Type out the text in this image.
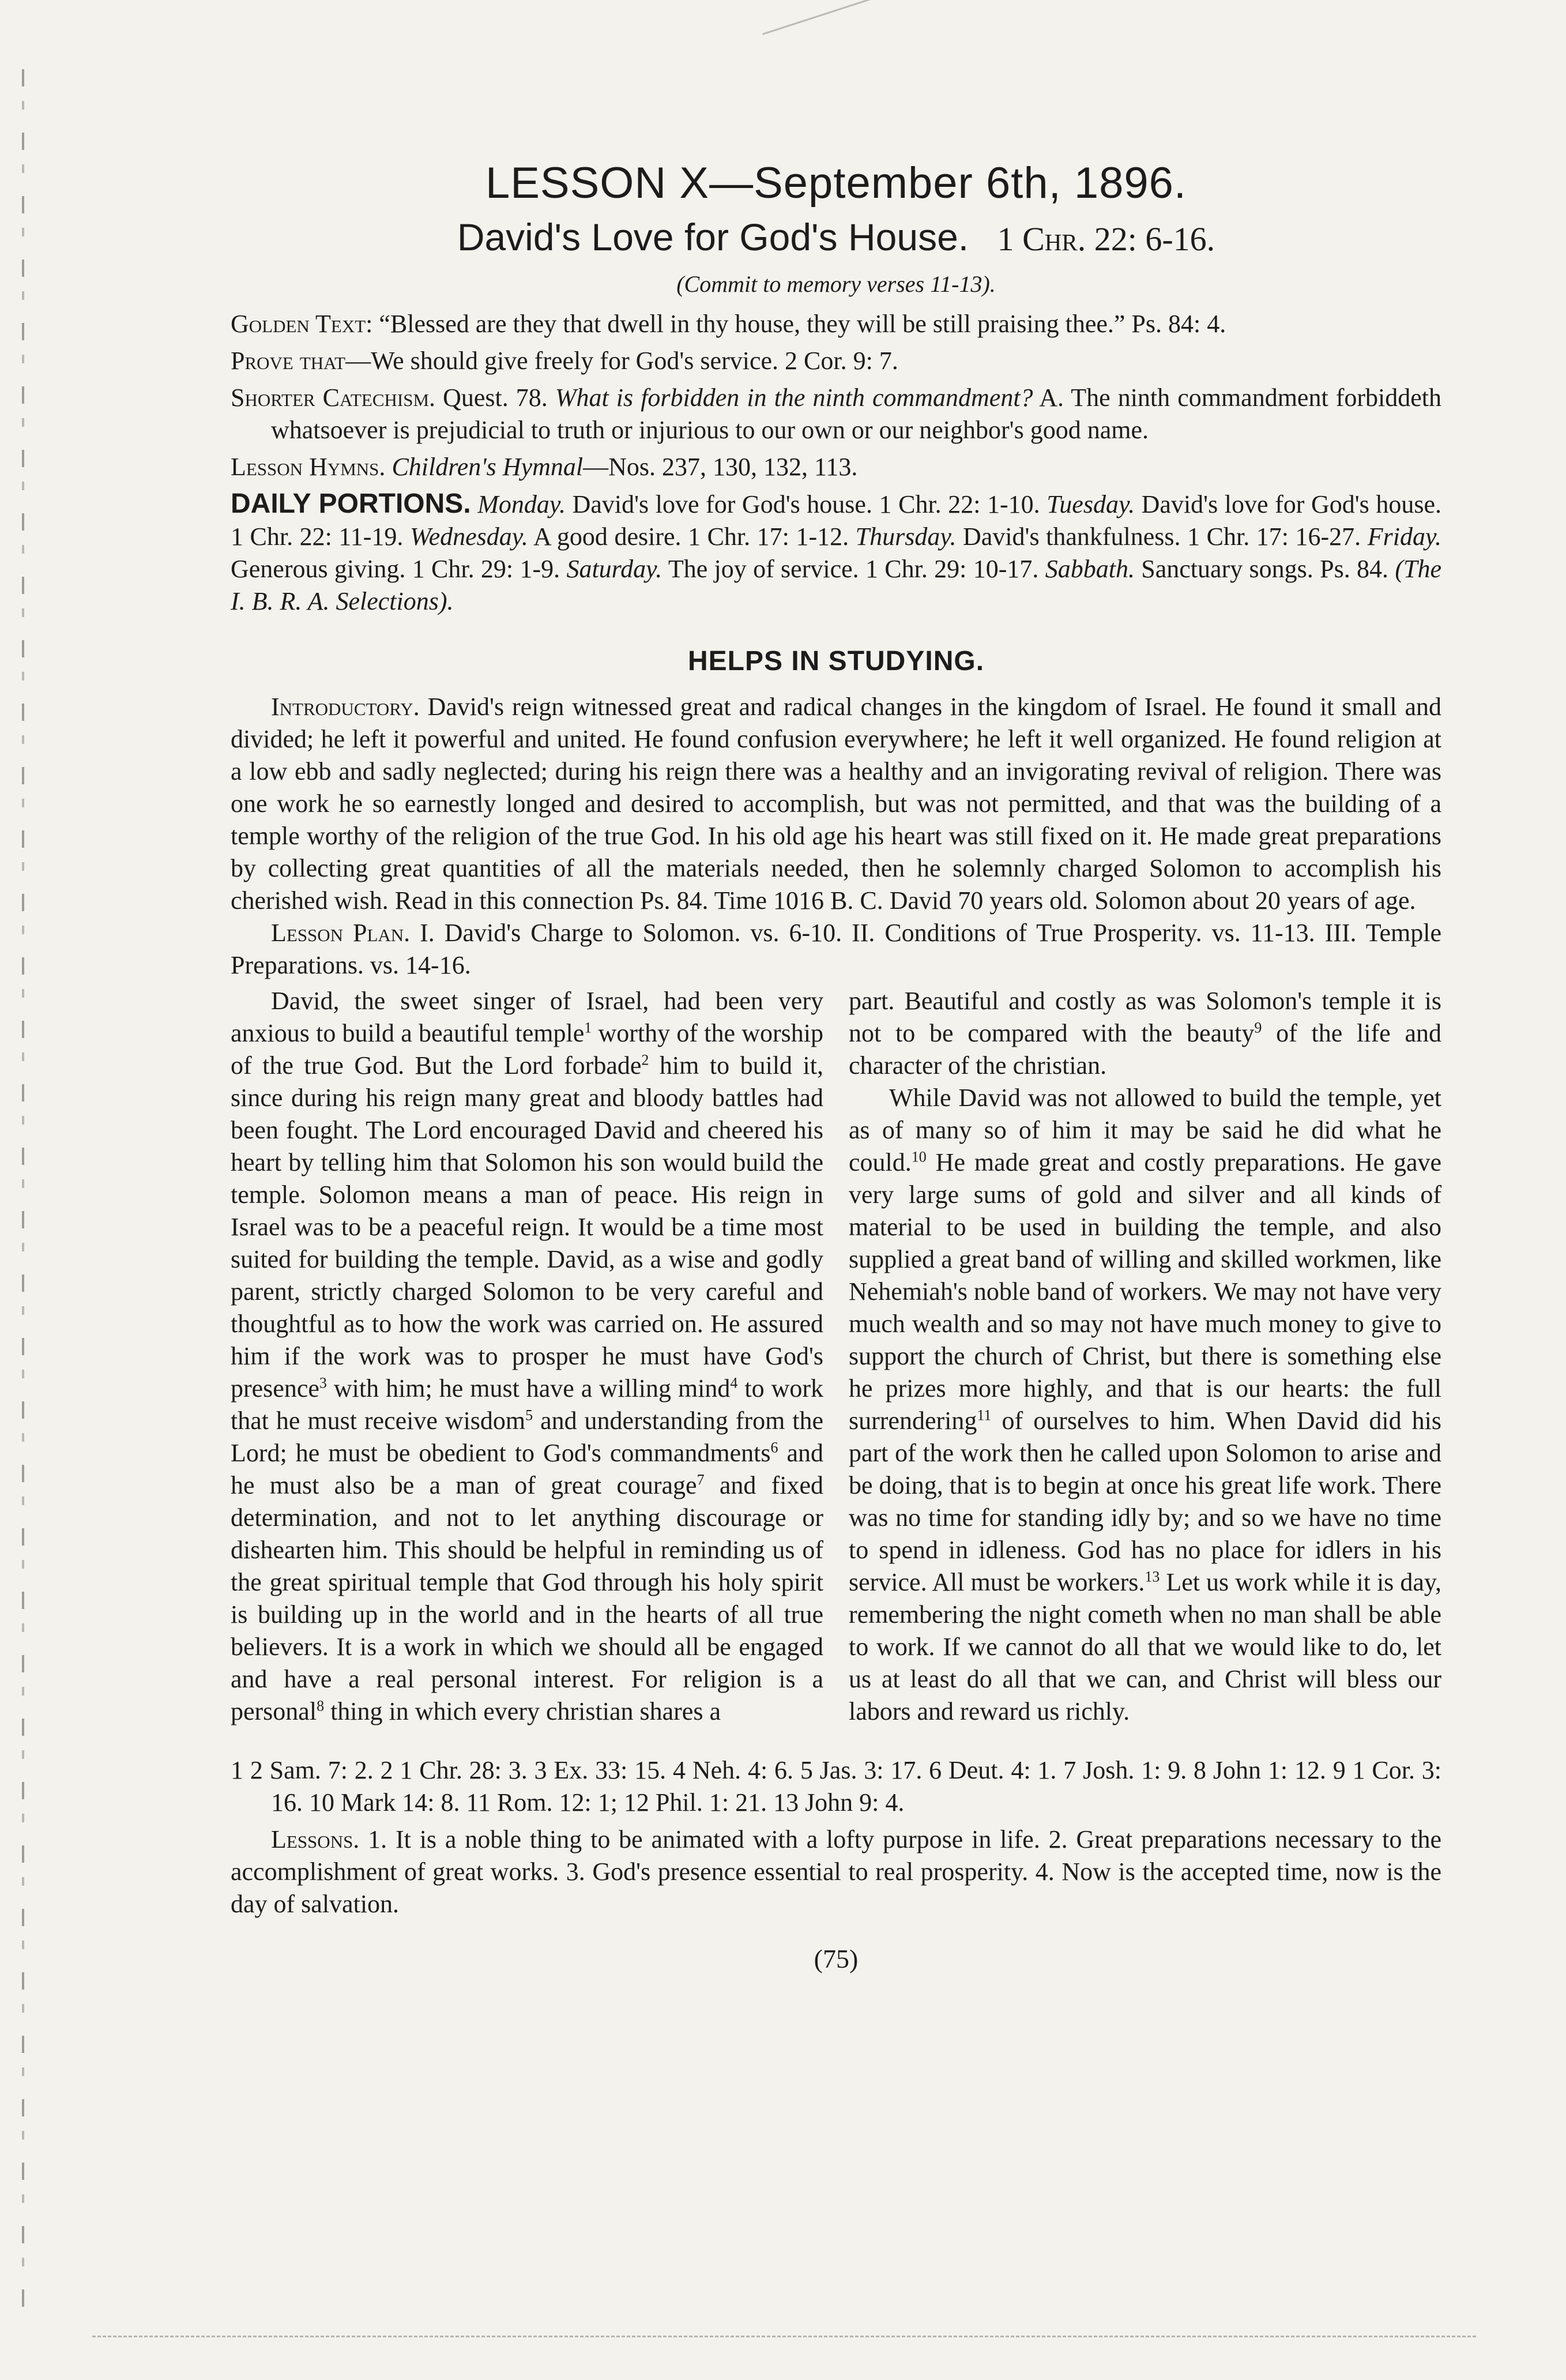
LESSON X—September 6th, 1896.

David's Love for God's House. 1 Chr. 22: 6-16.

(Commit to memory verses 11-13).

Golden Text: “Blessed are they that dwell in thy house, they will be still praising thee.” Ps. 84: 4.

Prove that—We should give freely for God's service. 2 Cor. 9: 7.

Shorter Catechism. Quest. 78. What is forbidden in the ninth commandment? A. The ninth commandment forbiddeth whatsoever is prejudicial to truth or injurious to our own or our neighbor's good name.

Lesson Hymns. Children's Hymnal—Nos. 237, 130, 132, 113.

DAILY PORTIONS. Monday. David's love for God's house. 1 Chr. 22: 1-10. Tuesday. David's love for God's house. 1 Chr. 22: 11-19. Wednesday. A good desire. 1 Chr. 17: 1-12. Thursday. David's thankfulness. 1 Chr. 17: 16-27. Friday. Generous giving. 1 Chr. 29: 1-9. Saturday. The joy of service. 1 Chr. 29: 10-17. Sabbath. Sanctuary songs. Ps. 84. (The I. B. R. A. Selections).

HELPS IN STUDYING.

Introductory. David's reign witnessed great and radical changes in the kingdom of Israel. He found it small and divided; he left it powerful and united. He found confusion everywhere; he left it well organized. He found religion at a low ebb and sadly neglected; during his reign there was a healthy and an invigorating revival of religion. There was one work he so earnestly longed and desired to accomplish, but was not permitted, and that was the building of a temple worthy of the religion of the true God. In his old age his heart was still fixed on it. He made great preparations by collecting great quantities of all the materials needed, then he solemnly charged Solomon to accomplish his cherished wish. Read in this connection Ps. 84. Time 1016 B. C. David 70 years old. Solomon about 20 years of age.

Lesson Plan. I. David's Charge to Solomon. vs. 6-10. II. Conditions of True Prosperity. vs. 11-13. III. Temple Preparations. vs. 14-16.

David, the sweet singer of Israel, had been very anxious to build a beautiful temple$^1$ worthy of the worship of the true God. But the Lord forbade$^2$ him to build it, since during his reign many great and bloody battles had been fought. The Lord encouraged David and cheered his heart by telling him that Solomon his son would build the temple. Solomon means a man of peace. His reign in Israel was to be a peaceful reign. It would be a time most suited for building the temple. David, as a wise and godly parent, strictly charged Solomon to be very careful and thoughtful as to how the work was carried on. He assured him if the work was to prosper he must have God's presence$^3$ with him; he must have a willing mind$^4$ to work that he must receive wisdom$^5$ and understanding from the Lord; he must be obedient to God's commandments$^6$ and he must also be a man of great courage$^7$ and fixed determination, and not to let anything discourage or dishearten him. This should be helpful in reminding us of the great spiritual temple that God through his holy spirit is building up in the world and in the hearts of all true believers. It is a work in which we should all be engaged and have a real personal interest. For religion is a personal$^8$ thing in which every christian shares a

part. Beautiful and costly as was Solomon's temple it is not to be compared with the beauty$^9$ of the life and character of the christian.

While David was not allowed to build the temple, yet as of many so of him it may be said he did what he could.$^{10}$ He made great and costly preparations. He gave very large sums of gold and silver and all kinds of material to be used in building the temple, and also supplied a great band of willing and skilled workmen, like Nehemiah's noble band of workers. We may not have very much wealth and so may not have much money to give to support the church of Christ, but there is something else he prizes more highly, and that is our hearts: the full surrendering$^{11}$ of ourselves to him. When David did his part of the work then he called upon Solomon to arise and be doing, that is to begin at once his great life work. There was no time for standing idly by; and so we have no time to spend in idleness. God has no place for idlers in his service. All must be workers.$^{13}$ Let us work while it is day, remembering the night cometh when no man shall be able to work. If we cannot do all that we would like to do, let us at least do all that we can, and Christ will bless our labors and reward us richly.

1 2 Sam. 7: 2. 2 1 Chr. 28: 3. 3 Ex. 33: 15. 4 Neh. 4: 6. 5 Jas. 3: 17. 6 Deut. 4: 1. 7 Josh. 1: 9. 8 John 1: 12. 9 1 Cor. 3: 16. 10 Mark 14: 8. 11 Rom. 12: 1; 12 Phil. 1: 21. 13 John 9: 4.

Lessons. 1. It is a noble thing to be animated with a lofty purpose in life. 2. Great preparations necessary to the accomplishment of great works. 3. God's presence essential to real prosperity. 4. Now is the accepted time, now is the day of salvation.

(75)
